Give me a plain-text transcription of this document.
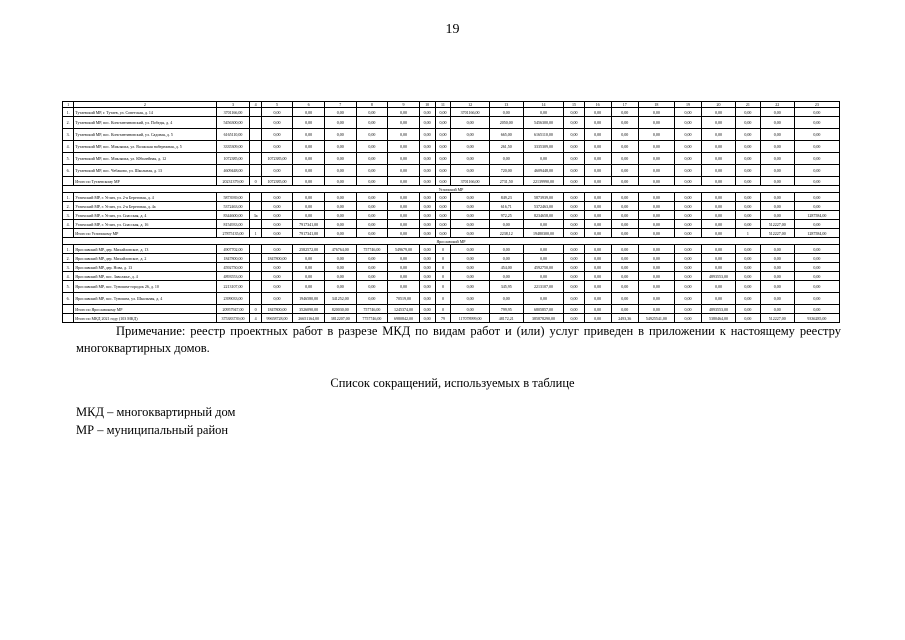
19
1	2	3	4	5	6	7	8	9	10	11	12	13	14	15	16	17	18	19	20	21	22	23
1.	Тутаевский МР, г. Тутаев, ул. Советская, д. 14	3701166,00		0,00	0,00	0,00	0,00	0,00	0,00	0,00	3701166,00	0,00	0,00	0,00	0,00	0,00	0,00	0,00	0,00	0,00	0,00	0,00
2.	Тутаевский МР, пос. Константиновский, ул. Победы, д. 4	5456300,00		0,00	0,00	0,00	0,00	0,00	0,00	0,00	0,00	2050,00	5456300,00	0,00	0,00	0,00	0,00	0,00	0,00	0,00	0,00	0,00
3.	Тутаевский МР, пос. Константиновский, ул. Садовая, д. 5	6165110,00		0,00	0,00	0,00	0,00	0,00	0,00	0,00	0,00	665,00	6165110,00	0,00	0,00	0,00	0,00	0,00	0,00	0,00	0,00	0,00
4.	Тутаевский МР, пос. Микляиха, ул. Волжская набережная, д. 5	3335309,00		0,00	0,00	0,00	0,00	0,00	0,00	0,00	0,00	261,50	3335309,00	0,00	0,00	0,00	0,00	0,00	0,00	0,00	0,00	0,00
5.	Тутаевский МР, пос. Микляиха, ул. Юбилейная, д. 12	1072385,00		1072385,00	0,00	0,00	0,00	0,00	0,00	0,00	0,00	0,00	0,00	0,00	0,00	0,00	0,00	0,00	0,00	0,00	0,00	0,00
6.	Тутаевский МР, пос. Чебаково, ул. Школьная, д. 13	4609448,00		0,00	0,00	0,00	0,00	0,00	0,00	0,00	0,00	720,00	4609448,00	0,00	0,00	0,00	0,00	0,00	0,00	0,00	0,00	0,00
	Итого по Тутаевскому МР	20231379,00	0	1072385,00	0,00	0,00	0,00	0,00	0,00	0,00	3701166,00	2731,50	22139990,00	0,00	0,00	0,00	0,00	0,00	0,00	0,00	0,00	0,00
Угличский МР																						
1.	Угличский МР, г. Углич, ул. 2-я Береговая, д. 4	5873939,00		0,00	0,00	0,00	0,00	0,00	0,00	0,00	0,00	849,23	5873939,00	0,00	0,00	0,00	0,00	0,00	0,00	0,00	0,00	0,00
2.	Угличский МР, г. Углич, ул. 2-я Береговая, д. 4а	5372463,00		0,00	0,00	0,00	0,00	0,00	0,00	0,00	0,00	616,71	5372463,00	0,00	0,00	0,00	0,00	0,00	0,00	0,00	0,00	0,00
3.	Угличский МР, г. Углич, ул. Спасская, д. 4	8344600,00	3a	0,00	0,00	0,00	0,00	0,00	0,00	0,00	0,00	972,25	8234658,00	0,00	0,00	0,00	0,00	0,00	0,00	0,00	0,00	1287584,00
4.	Угличский МР, г. Углич, ул. Спасская, д. 16	8154933,00		0,00	7917341,00	0,00	0,00	0,00	0,00	0,00	0,00	0,00	0,00	0,00	0,00	0,00	0,00	0,00	0,00	0,00	512227,00	0,00
	Итого по Угличскому МР	27875135,00	1	0,00	7917341,00	0,00	0,00	0,00	0,00	0,00	0,00	2238,12	19480300,00	0,00	0,00	0,00	0,00	0,00	0,00	1	512227,00	1287584,00
Ярославский МР																						
1.	Ярославский МР, дер. Михайловское, д. 13	4907702,00		0,00	2582572,00	476764,00	757746,00	549679,00	0,00	0	0,00	0,00	0,00	0,00	0,00	0,00	0,00	0,00	0,00	0,00	0,00	0,00
2.	Ярославский МР, дер. Михайловское, д. 2	1847800,00		1847800,00	0,00	0,00	0,00	0,00	0,00	0	0,00	0,00	0,00	0,00	0,00	0,00	0,00	0,00	0,00	0,00	0,00	0,00
3.	Ярославский МР, дер. Нова, д. 13	4592750,00		0,00	0,00	0,00	0,00	0,00	0,00	0	0,00	454,00	4592750,00	0,00	0,00	0,00	0,00	0,00	0,00	0,00	0,00	0,00
4.	Ярославский МР, пос. Заволжье, д. 4	4893553,00		0,00	0,00	0,00	0,00	0,00	0,00	0	0,00	0,00	0,00	0,00	0,00	0,00	0,00	0,00	4893553,00	0,00	0,00	0,00
5.	Ярославский МР, пос. Туношна-городок 26, д. 10	2213107,00		0,00	0,00	0,00	0,00	0,00	0,00	0	0,00	345,95	2213107,00	0,00	0,00	0,00	0,00	0,00	0,00	0,00	0,00	0,00
6.	Ярославский МР, пос. Туношна, ул. Школьная, д. 4	2399033,00		0,00	1946580,00	341252,00	0,00	70519,00	0,00	0	0,00	0,00	0,00	0,00	0,00	0,00	0,00	0,00	0,00	0,00	0,00	0,00
	Итого по Ярославскому МР	20957947,00	0	1847800,00	3526090,00	820030,00	757746,00	1245374,00	0,00	0	0,00	799,95	6805857,00	0,00	0,00	0,00	0,00	0,00	4893553,00	0,00	0,00	0,00
	Итого по МКД 2021 году (103 МКД)	375383739,00	4	99658728,00	26651164,00	3812207,00	7757746,00	6980842,00	0,00	79	117078999,00	48172,21	385878290,00	0,00	0,00	2493,36	54925541,00	0,00	5380464,00	0,00	512227,00	9336285,00
Примечание: реестр проектных работ в разрезе МКД по видам работ и (или) услуг приведен в приложении к настоящему реестру многоквартирных домов.
Список сокращений, используемых в таблице
МКД – многоквартирный дом
МР – муниципальный район
